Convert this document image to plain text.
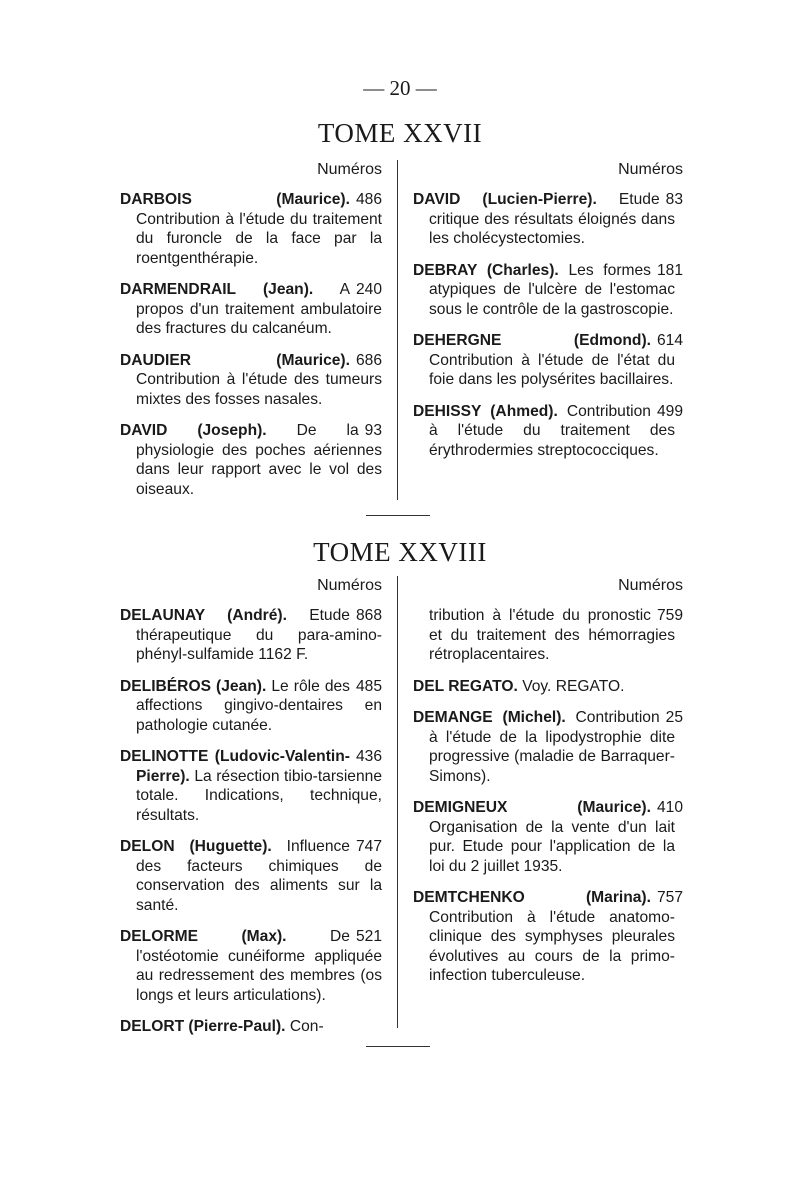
— 20 —
TOME XXVII
Numéros
486
DARBOIS (Maurice). Contribution à l'étude du traitement du furoncle de la face par la roentgenthérapie.
240
DARMENDRAIL (Jean). A propos d'un traitement ambulatoire des fractures du calcanéum.
686
DAUDIER (Maurice). Contribution à l'étude des tumeurs mixtes des fosses nasales.
93
DAVID (Joseph). De la physiologie des poches aériennes dans leur rapport avec le vol des oiseaux.
Numéros
83
DAVID (Lucien-Pierre). Etude critique des résultats éloignés dans les cholécystectomies.
181
DEBRAY (Charles). Les formes atypiques de l'ulcère de l'estomac sous le contrôle de la gastroscopie.
614
DEHERGNE (Edmond). Contribution à l'étude de l'état du foie dans les polysérites bacillaires.
499
DEHISSY (Ahmed). Contribution à l'étude du traitement des érythrodermies streptococciques.
TOME XXVIII
Numéros
868
DELAUNAY (André). Etude thérapeutique du para-amino-phényl-sulfamide 1162 F.
485
DELIBÉROS (Jean). Le rôle des affections gingivo-dentaires en pathologie cutanée.
436
DELINOTTE (Ludovic-Valentin-Pierre). La résection tibio-tarsienne totale. Indications, technique, résultats.
747
DELON (Huguette). Influence des facteurs chimiques de conservation des aliments sur la santé.
521
DELORME (Max).	De l'ostéotomie cunéiforme appliquée au redressement des membres (os longs et leurs articulations).
DELORT (Pierre-Paul). Con-
Numéros
759
tribution à l'étude du pronostic et du traitement des hémorragies rétroplacentaires.
DEL REGATO. Voy. REGATO.
25
DEMANGE (Michel). Contribution à l'étude de la lipodystrophie dite progressive (maladie de Barraquer-Simons).
410
DEMIGNEUX (Maurice). Organisation de la vente d'un lait pur. Etude pour l'application de la loi du 2 juillet 1935.
757
DEMTCHENKO (Marina). Contribution à l'étude anatomo-clinique des symphyses pleurales évolutives au cours de la primo-infection tuberculeuse.
